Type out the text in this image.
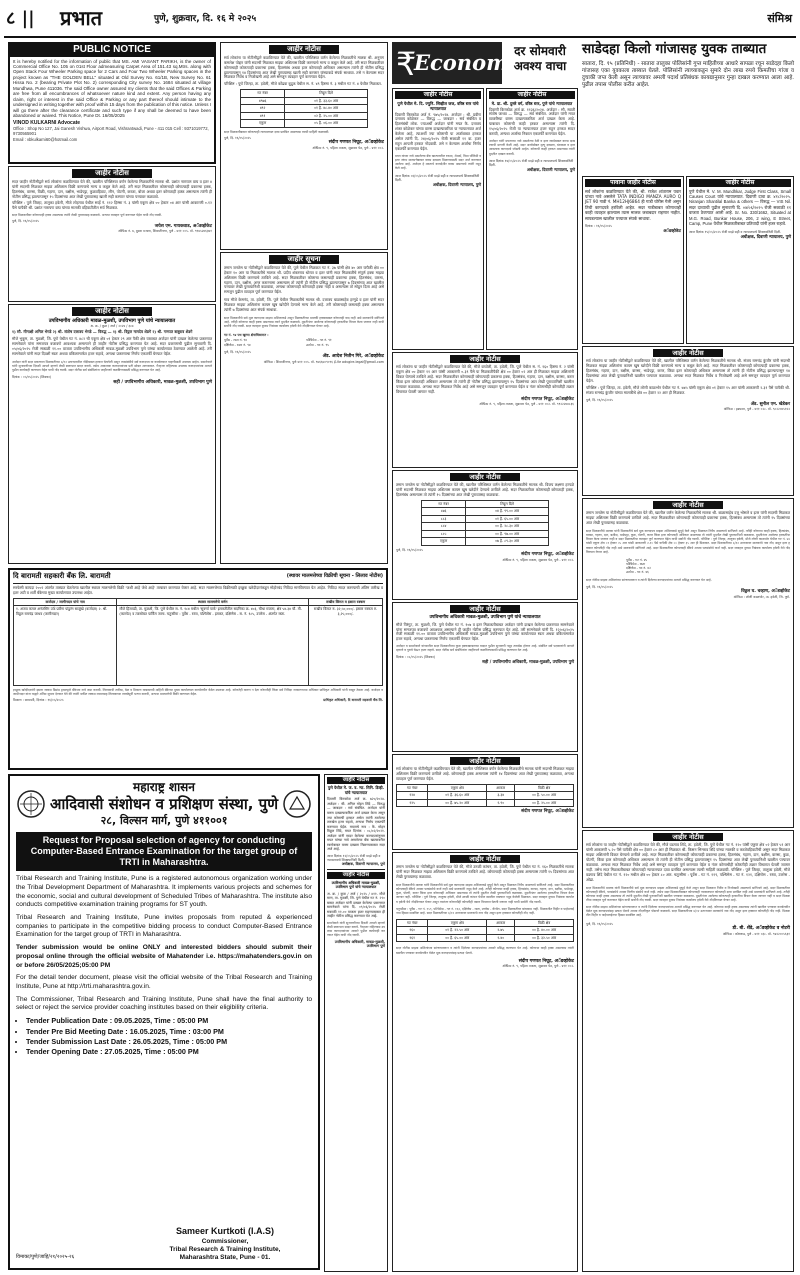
८ || प्रभात	पुणे, शुक्रवार, दि. १६ मे २०२५	संमिश्र
PUBLIC NOTICE
It is hereby notified for the information of public that MS. AMI VASANT PARIKH, is the owner of Commercial Office No. 105 on 01st Floor admeasuring Carpet Area of 151.43 sq.Mtrs. along with Open Stack Four Wheeler Parking space for 2 Cars and Four Two Wheeler Parking spaces in the project known as "THE GOLDEN BELL" situated at Old Survey No. 61/1B, New Survey No. 61 Hissa No. 2 (bearing Private Plot No. 2) corresponding City survey No. 1684 situated at village Mundhwa, Pune 411036. The said Office owner assured my clients that the said Offices & Parking are free from all encumbrances of whatsoever nature kind and extent. Any person having any claim, right or interest in the said Office & Parking or any part thereof should intimate to the undersigned in writing together with proof within 15 days from the publication of this notice. Unless I will go there after the clearance certificate and such type if any shall be deemed to have been abandoned or waived. This Notice, Pune Dt. 16/05/2025
VINOD KULKARNI Advocate
Office : Shop No 127, Jai Ganesh Vishwa, Airport Road, Vishrantwadi, Pune - 411 015 Cell : 9371019772, 9730565901
Email : vbkulkarni60@hotmail.com
जाहीर नोटीस
सदर जाहीर नोटीसीद्वारे सर्व लोकांना कळविण्यात येते की, खालील परिशिष्टात वर्णन केलेल्या मिळकतीचे मालक श्री. प्रशांत नारायण वाघ व इतर ४ यांनी सदरची मिळकत माझ्या अशिलास विक्री करण्याचे मान्य व कबूल केले आहे. तरी सदर मिळकतीवर कोणाचाही कोणत्याही प्रकारचा हक्क, हितसंबंध, वारसा, विक्री, गहाण, दान, बक्षीस, भाडेपट्टा, कुळवहिवाट, लीन, पोटगी, कब्जा, बोजा अथवा इतर कोणताही हक्क असल्यास त्यांनी ही नोटीस प्रसिद्ध झाल्यापासून १५ दिवसांच्या आत लेखी पुराव्यासह खाली सही करणार यांच्या पत्त्यावर कळवावे.
परिशिष्ट : पुणे जिल्हा, तालुका हवेली, मौजे लोहगाव येथील सर्व्हे नं. ११२ हिस्सा नं. ३ यांसी एकूण क्षेत्र ०० हेक्टर ०४ आर यांसी आकारणी ०.१२ पैसे यापैकी श्री. प्रशांत नारायण वाघ यांच्या मालकी वहिवाटीतील सर्व मिळकत.
सदर मिळकतीवर कोणाचाही हक्क असल्यास त्यांनी लेखी पुराव्यासह कळवावे. अन्यथा व्यवहार पूर्ण करण्यात येईल याची नोंद घ्यावी.
पुणे, दि. १६/०५/२०२५
जयेश एम. गायकवाड, अॅडव्होकेट
ऑफिस नं. ७, दुसरा मजला, शिवाजीनगर, पुणे - ४११ ००५. मो. ९९७५२४६३४१
जाहीर नोटीस
उपविभागीय अधिकारी मावळ-मुळशी, उपविभाग पुणे यांचे न्यायालयात
अ. क्र. / कुळ / अर्ज / २०२४ / ३८७
१) सौ. मीनाक्षी अनिल भेगडे २) श्री. संतोष दत्तात्रय भेगडे — विरुद्ध — १) श्री. विठ्ठल नामदेव शेडगे २) श्री. गणपत बाबुराव शेडगे
मौजे भुकूम, ता. मुळशी, जि. पुणे येथील गट नं. ४८२ ची एकूण क्षेत्र ०१ हेक्टर २९ आर पैकी क्षेत्र याबाबत अर्जदार यांनी दाखल केलेल्या प्रकरणात सामनेवाले यांना समजपत्र बजावणे आवश्यक असल्याने ही जाहीर नोटीस प्रसिद्ध करण्यात येत आहे. सदर प्रकरणाची पुढील सुनावणी दि. ०५/०६/२०२५ रोजी सकाळी ११.०० वाजता उपविभागीय अधिकारी मावळ-मुळशी उपविभाग पुणे यांच्या कार्यालयात ठेवण्यात आलेली आहे. तरी सामनेवाले यांनी सदर दिवशी स्वतः अथवा वकिलामार्फत हजर राहावे, अन्यथा प्रकरणाचा निर्णय एकतर्फी घेण्यात येईल.
अर्जदार यांनी सदर प्रकरणात मिळकतीच्या ७/१२ उताऱ्यावरील नोंदीबाबत हरकत घेतलेली असून त्यासंबंधीचे सर्व कागदपत्र या कार्यालयात पाहणीसाठी उपलब्ध आहेत. सामनेवाले यांनी सुनावणीच्या दिवशी आपले म्हणणे लेखी स्वरूपात सादर करावे. तसेच आवश्यक कागदपत्रांच्या प्रती सोबत आणाव्यात. गैरहजर राहिल्यास उपलब्ध कागदपत्रांच्या आधारे पुढील कार्यवाही करण्यात येईल याची नोंद घ्यावी. सदर नोटीस सर्व संबंधितांना जाहीरपणे कळविण्यासाठी प्रसिद्ध करण्यात येत आहे.
दिनांक : ०५/०५/२०२५ (शिक्का)
सही / उपविभागीय अधिकारी, मावळ-मुळशी, उपविभाग पुणे
जाहीर नोटीस
सर्व लोकांना या नोटीसीद्वारे कळविण्यात येते की, खालील परिशिष्टात वर्णन केलेल्या मिळकतीचे मालक श्री. अनुराग कमलेश पोद्दार यांनी सदरची मिळकत माझ्या अशिलास विक्री करण्याचे मान्य व कबूल केले आहे. तरी सदर मिळकतीवर कोणाचाही कोणत्याही प्रकारचा हक्क, हितसंबंध अथवा इतर कोणताही अधिकार असल्यास त्यांनी ही नोटीस प्रसिद्ध झाल्यापासून १४ दिवसांच्या आत लेखी पुराव्यासह खाली सही करणार यांच्याकडे संपर्क साधावा. तसे न केल्यास सदर मिळकत निर्वेध व निजोखमी आहे असे समजून व्यवहार पूर्ण करण्यात येईल.
परिशिष्ट : पुणे जिल्हा, ता. हवेली, मौजे कोंढवा बुद्रुक येथील स. नं. ४९ हिस्सा नं. ३ मधील गट नं. ४ येथील मिळकत.
गट नंबर	लिहून दिले
४९७६	०१ है. ३३.६० आर
४९२	०१ है. ४८.४० आर
४९१	०२ है. २५.०० आर
एकूण	०५ है. ०६.०० आर
सदर मिळकतीबाबत कोणत्याही न्यायालयात दावा प्रलंबित असल्यास त्याची माहिती कळवावी.
पुणे, दि. १६/०५/२०२५
संदीप गणपत निघूट, अॅडव्होकेट
ऑफिस नं. ९, पहिला मजला, शुक्रवार पेठ, पुणे - ४११ ००२.
जाहीर सूचना
तमाम जनतेस या नोटीसीद्वारे कळविण्यात येते की, पुणे येथील मिळकत गट नं. ३७ यांसी क्षेत्र ४० आर यापैकी क्षेत्र ०० हेक्टर १० आर या मिळकतीचे मालक श्री. प्रदीप शंकरराव थोरात व इतर यांनी सदर मिळकतीचे संपूर्ण हक्क माझ्या अशिलास विक्री करण्याचे ठरविले आहे. सदर मिळकतीवर कोणाचा कसल्याही प्रकारचा हक्क, हितसंबंध, वारसा, गहाण, दान, बक्षीस, अगर करारनामा असल्यास तो त्यांनी ही नोटीस प्रसिद्ध झाल्यापासून ७ दिवसांच्या आत खालील पत्त्यावर लेखी पुराव्यानिशी कळवावा, अन्यथा कोणाचाही कोणताही हक्क नाही व असल्यास तो सोडून दिला आहे असे समजून पुढील व्यवहार पूर्ण करण्यात येईल.
गाव मौजे केसनंद, ता. हवेली, जि. पुणे येथील मिळकतीचे मालक श्री. दत्तात्रय बाळासाहेब हरगुडे व इतर यांनी सदर मिळकत माझ्या अशिलांना कायम खुष खरेदीने देण्याचे मान्य केले आहे. तरी कोणाचाही कसलाही हक्क असल्यास त्यांनी ७ दिवसांच्या आत संपर्क साधावा.
सदर मिळकतीचे सर्व मूळ कागदपत्र माझ्या अशिलाकडे असून मिळकतीच्या मालकी हक्काबाबत कोणताही वाद नाही असे मालकांनी सांगितले आहे. तरीही कोणाचा काही हक्क असल्यास त्याने मुदतीत कळवावे. मुदतीनंतर आलेल्या कोणत्याही हरकतींचा विचार केला जाणार नाही याची सर्वांनी नोंद घ्यावी. सदर व्यवहार दुय्यम निबंधक कार्यालय हवेली येथे नोंदविण्यात येणार आहे.
गट नं. ९४ पथ खुल्या क्षेत्राधिकारात :
पूर्वेस - रस्ता नं. ९४	पश्चिमेस - गट नं. ९१
दक्षिणेस - रस्ता नं. ९४	उत्तरेस - गट नं. ९५
पुणे, दि. १६/०५/२०२५
ॲड. आदेश नितीन गिरे, अॅडव्होकेट
ऑफिस : शिवाजीनगर, पुणे ४११ ००५. मो. ९७६६७०९०९६ ई-मेल advgire.legal@gmail.com
दि बारामती सहकारी बँक लि. बारामती	(स्थावर मालमत्तेच्या विक्रीची सूचना - लिलाव नोटीस)
सरफेसी कायदा २००२ अंतर्गत ताब्यात घेतलेल्या खालील स्थावर मालमत्तेची विक्री 'जशी आहे जेथे आहे' तत्त्वावर करण्यात येणार आहे. सदर मालमत्तेच्या विक्रीसाठी इच्छुक खरेदीदारांकडून मोहोरबंद निविदा मागविण्यात येत आहेत. निविदा सादर करण्याची अंतिम तारीख व इतर अटी व शर्ती बँकेच्या मुख्य कार्यालयात उपलब्ध आहेत.
कर्जदार / जामीनदार यांचे नाव	स्थावर मालमत्तेचे वर्णन	राखीव किंमत व इसारा रक्कम
१. अजय कमल अनंतसिंग उर्फ प्रवीण पांडुरंग साळुंखे (कर्जदार) २. श्री. विठ्ठल रामचंद्र जाधव (जामीनदार)	मौजे हिंजवडी, ता. मुळशी, जि. पुणे येथील स. नं. १८४ मधील 'सुवर्णा पार्क' इमारतीतील सदनिका क्र. ४०३, चौथा मजला, क्षेत्र ५४.३४ चौ. मी. (कारपेट) व त्यासोबत पार्किंग जागा. चतुःसीमा : पूर्वेस - रस्ता, पश्चिमेस - इमारत, दक्षिणेस - स. नं. १८५, उत्तरेस - अंतर्गत रस्ता.	राखीव किंमत रु. ३२,५०,०००/- इसारा रक्कम रु. ३,२५,०००/-
इच्छुक खरेदीदारांनी इसारा रक्कम डिमांड ड्राफ्टद्वारे बँकेच्या नावे जमा करावी. लिलावाची तारीख, वेळ व ठिकाण याबाबतची माहिती बँकेच्या मुख्य कार्यालयात कार्यालयीन वेळेत उपलब्ध आहे. कोणतेही कारण न देता कोणतीही किंवा सर्व निविदा नाकारण्याचा अधिकार प्राधिकृत अधिकारी यांनी राखून ठेवला आहे. कर्जदार व जामीनदार यांना याद्वारे अंतिम सूचना देण्यात येते की त्यांनी थकीत रक्कम व्याजासह लिलावाच्या तारखेपूर्वी भरणा करावी, अन्यथा मालमत्तेची विक्री करण्यात येईल.
ठिकाण : बारामती, दिनांक : १६/०५/२०२५	प्राधिकृत अधिकारी, दि बारामती सहकारी बँक लि.
महाराष्ट्र शासन
आदिवासी संशोधन व प्रशिक्षण संस्था, पुणे
२८, विल्सन मार्ग, पुणे ४११००१
Request for Proposal selection of agency for conducting Computer-Based Entrance Examination for the target group of TRTI in Maharashtra.
Tribal Research and Training Institute, Pune is a registered autonomous organization working under the Tribal Development Department of Maharashtra. It implements various projects and schemes for the economic, social and cultural development of Scheduled Tribes of Maharashtra. The institute also conducts competitive examination training programs for ST youth.
Tribal Research and Training Institute, Pune invites proposals from reputed & experienced companies to participate in the competitive bidding process to conduct Computer-Based Entrance Examination for the target group of TRTI in Maharashtra.
Tender submission would be online ONLY and interested bidders should submit their proposal online through the official website of Mahatender i.e. https://mahatenders.gov.in on or before 26/05/2025;05:00 PM
For the detail tender document, please visit the official website of the Tribal Research and Training Institute, Pune at http://trti.maharashtra.gov.in.
The Commissioner, Tribal Research and Training Institute, Pune shall have the final authority to select or reject the service provider coaching institutes based on their eligibility criteria.
• Tender Publication Date : 09.05.2025, Time : 05:00 PM
• Tender Pre Bid Meeting Date : 16.05.2025, Time : 03:00 PM
• Tender Submission Last Date : 26.05.2025, Time : 05:00 PM
• Tender Opening Date : 27.05.2025, Time : 05:00 PM
विमाका/पुणे/जाहि/२१/२०२५-२६
Sameer Kurtkoti (I.A.S)
Commissioner,
Tribal Research & Training Institute,
Maharashtra State, Pune - 01.
जाहीर नोटीस
पुणे येथील मे. ज. व. न्या. सिनि. डिव्ही. यांचे न्यायालयात
दिवाणी किरकोळ अर्ज क्र. ७२०/२०२४. अर्जदार : श्री. अनिल मोहन शिंदे — विरुद्ध — जाबदार : सर्व संबंधित. अर्जदार यांनी वारस दाखल्याकरिता अर्ज दाखल केला असून ज्या कोणाची हरकत असेल त्यांनी ठरलेल्या तारखेस हजर राहावे, अन्यथा निर्णय एकतर्फी करण्यात येईल. मयताचे नाव : कै. मोहन विठ्ठल शिंदे, मयत दिनांक : ०८/०२/२०२१. अर्जदार यांनी सादर केलेल्या कागदपत्रांनुसार मयत यांच्या नावे असलेल्या बँक खात्यावरील रकमेबाबत वारस दाखला मिळण्याबाबत सदर अर्ज आहे.
आज दिनांक १२/०५/२०२५ रोजी माझे सही व न्यायालयाचे शिक्क्यानिशी दिली.
अधीक्षक, दिवाणी न्यायालय, पुणे
जाहीर नोटीस
उपविभागीय अधिकारी मावळ-मुळशी, उपविभाग पुणे यांचे न्यायालयात
अ. क्र. / कुळ / अर्ज / २०२५ / ४११. मौजे माण, ता. मुळशी, जि. पुणे येथील गट नं. २९० बाबत अर्जदार यांनी दाखल केलेल्या प्रकरणात सामनेवाले यांना दि. ०९/०६/२०२५ रोजी सकाळी ११.०० वाजता हजर राहण्याबाबत ही जाहीर नोटीस प्रसिद्ध करण्यात येत आहे.
सामनेवाले यांनी सुनावणीच्या दिवशी आपले म्हणणे लेखी स्वरूपात सादर करावे. गैरहजर राहिल्यास उपलब्ध कागदपत्रांच्या आधारे पुढील कार्यवाही करण्यात येईल याची नोंद घ्यावी.
उपविभागीय अधिकारी, मावळ-मुळशी, उपविभाग पुणे
₹
Economy
दर सोमवारी
अवश्य वाचा
जाहीर नोटीस
पुणे येथील मे. दि. ज्युनि. सिव्हील जज, वरिष्ठ स्तर यांचे न्यायालयात
दिवाणी किरकोळ अर्ज नं. ९७५/२०२४. अर्जदार : श्री. प्रवीण दत्तात्रय कोळेकर — विरुद्ध — जाबदार : सर्व संबंधित व हितसंबंधी लोक. ज्याअर्थी अर्जदार यांनी मयत कै. दत्तात्रय शंकर कोळेकर यांच्या वारस दाखल्याकरिता या न्यायालयात अर्ज केलेला आहे, त्याअर्थी ज्या कोणाची या अर्जाबाबत हरकत असेल त्यांनी दि. २४/०६/२०२५ रोजी सकाळी ११ वा. हजर राहून आपली हरकत नोंदवावी. तसे न केल्यास अर्जाचा निर्णय एकतर्फी करण्यात येईल.
मयत यांच्या नावे असलेल्या बँक खात्यावरील रकमा, शेअर्स, विमा पॉलिसी व इतर जंगम मालमत्तेबाबत वारस दाखला मिळण्यासाठी सदर अर्ज करण्यात आलेला आहे. अर्जदार हे मयताचे कायदेशीर वारस असल्याचे त्यांनी नमूद केले आहे.
आज दिनांक ०६/०५/२०२५ रोजी माझे सही व न्यायालयाचे शिक्क्यानिशी दिली.
अधीक्षक, दिवाणी न्यायालय, पुणे
जाहीर नोटीस
मे. प्रा. श्री. दुसरे वर्ग, वरिष्ठ स्तर, पुणे यांचे न्यायालयात
दिवाणी किरकोळ अर्ज क्र. ११३६/२०२४. अर्जदार : सौ. स्वाती संतोष जाधव — विरुद्ध — सर्व संबंधित. अर्जदार यांनी मयत व्यक्तीच्या वारस दाखल्याकरिता अर्ज दाखल केला आहे. याबाबत कोणाची काही हरकत असल्यास त्यांनी दि. १५/०६/२०२५ रोजी या न्यायालयात हजर राहून हरकत सादर करावी, अन्यथा अर्जाचा निकाल एकतर्फी करण्यात येईल.
अर्जदार यांनी मयताच्या नावे असलेल्या ठेवी व इतर रकमेबाबत वारस दाखल्याची मागणी केली आहे. सदर अर्जासोबत मृत्यू दाखला, वंशावळ व इतर आवश्यक कागदपत्रे जोडली आहेत. कोणाची काही हरकत असल्यास त्यांनी मुदतीत दाखल करावी.
आज दिनांक १४/०५/२०२५ रोजी माझे सही व न्यायालयाचे शिक्क्यानिशी दिली.
अधीक्षक, दिवाणी न्यायालय, पुणे
जाहीर नोटीस
सर्व लोकांना या जाहीर नोटीसीद्वारे कळविण्यात येते की, मौजे वाघोली, ता. हवेली, जि. पुणे येथील स. नं. १६० हिस्सा नं. २ यांसी एकूण क्षेत्र ०० हेक्टर ११ आर यांसी आकारणी ०.३९ पैसे या मिळकतीपैकी क्षेत्र ०० हेक्टर ०२ आर ही मिळकत माझ्या अशिलांनी विकत घेण्याचे ठरविले आहे. सदर मिळकतीवर कोणाचाही कोणत्याही प्रकारचा हक्क, हितसंबंध, गहाण, दान, बक्षीस, वारसा, करार किंवा इतर कोणताही अधिकार असल्यास तो त्यांनी ही नोटीस प्रसिद्ध झाल्यापासून १५ दिवसांच्या आत लेखी पुराव्यानिशी खालील पत्त्यावर कळवावा. अन्यथा सदर मिळकत निर्वेध आहे असे समजून व्यवहार पूर्ण करण्यात येईल व नंतर कोणाचीही कोणतीही तक्रार विचारात घेतली जाणार नाही.
संदीप गणपत निघूट, अॅडव्होकेट
ऑफिस नं. ९, पहिला मजला, शुक्रवार पेठ, पुणे - ४११ ००२. मो. ९९२२२४४८३६
जाहीर नोटीस
तमाम जनतेस या नोटीसीद्वारे कळविण्यात येते की, खालील परिशिष्टात वर्णन केलेल्या मिळकतीचे मालक श्री. विजय लक्ष्मण हरपळे यांनी सदरची मिळकत माझ्या अशिलास कायम खुष खरेदीने देण्याचे ठरविले आहे. सदर मिळकतीवर कोणाचाही कोणताही हक्क, हितसंबंध असल्यास तो त्यांनी १५ दिवसांच्या आत लेखी पुराव्यासह कळवावा.
गट नंबर	लिहून दिले
८७६	०४ है. ९९.०० आर
८८३	०१ है. ६५.०० आर
८८४	०० है. २८.३० आर
८८५	०० है. ९७.०० आर
एकूण	०७ है. ८९.३० आर
पुणे, दि. १६/०५/२०२५
संदीप गणपत निघूट, अॅडव्होकेट
ऑफिस नं. ९, पहिला मजला, शुक्रवार पेठ, पुणे - ४११ ००२.
जाहीर नोटीस
उपविभागीय अधिकारी मावळ-मुळशी, उपविभाग पुणे यांचे न्यायालयात
मौजे पिरंगुट, ता. मुळशी, जि. पुणे येथील गट नं. १०७ व इतर मिळकतीबाबत अर्जदार यांनी दाखल केलेल्या प्रकरणात सामनेवाले यांना समजपत्र बजावणे आवश्यक असल्याने ही जाहीर नोटीस प्रसिद्ध करण्यात येत आहे. तरी सामनेवाले यांनी दि. १२/०६/२०२५ रोजी सकाळी ११.०० वाजता उपविभागीय अधिकारी मावळ-मुळशी उपविभाग पुणे यांच्या कार्यालयात स्वतः अथवा वकिलामार्फत हजर राहावे, अन्यथा प्रकरणाचा निर्णय एकतर्फी घेण्यात येईल.
अर्जदार व सामनेवाले यांच्यातील सदर मिळकतीच्या कुळ हक्काबाबतच्या वादात पुढील सुनावणी नमूद तारखेस होणार आहे. संबंधित सर्व पक्षकारांनी आपले म्हणणे व पुरावे घेऊन हजर राहावे. सदर नोटीस सर्व संबंधितांना जाहीरपणे कळविण्यासाठी प्रसिद्ध करण्यात येत आहे.
दिनांक : ०८/०५/२०२५ (शिक्का)
सही / उपविभागीय अधिकारी, मावळ-मुळशी, उपविभाग पुणे
जाहीर नोटीस
सर्व लोकांना या नोटीसीद्वारे कळविण्यात येते की, खालील परिशिष्टात वर्णन केलेल्या मिळकतीचे मालक यांनी सदरची मिळकत माझ्या अशिलास विक्री करण्याचे ठरविले आहे. कोणाचाही हक्क असल्यास त्यांनी १४ दिवसांच्या आत लेखी पुराव्यासह कळवावा, अन्यथा व्यवहार पूर्ण करण्यात येईल.
गट नंबर	एकूण क्षेत्र	आकार	विक्री क्षेत्र
१२४	०१ है. ३६.६० आर	३.३४	०० है. ५०.०० आर
१२५	०० है. ७५.२० आर	१.९०	०० है. २५.०० आर
संदीप गणपत निघूट, अॅडव्होकेट
जाहीर नोटीस
तमाम जनतेस या नोटीसीद्वारे कळविण्यात येते की, मौजे उरुळी कांचन, ता. हवेली, जि. पुणे येथील गट नं. १६० मिळकतीचे मालक यांनी सदर मिळकत माझ्या अशिलास विक्री करण्याचे ठरविले आहे. कोणाचाही कोणताही हक्क असल्यास त्यांनी १५ दिवसांच्या आत लेखी पुराव्यासह कळवावा.
सदर मिळकतीचे मालक यांनी मिळकतीचे सर्व मूळ कागदपत्र माझ्या अशिलाकडे सुपूर्द केले असून मिळकत निर्वेध असल्याचे सांगितले आहे. सदर मिळकतीवर कोणत्याही बँकेचे अथवा पतसंस्थेचे कर्ज नाही असे मालकांनी नमूद केले आहे. तरीही कोणाचा काही हक्क, हितसंबंध, वारसा, गहाण, दान, बक्षीस, भाडेपट्टा, कुळ, पोटगी, करार किंवा इतर कोणताही अधिकार असल्यास तो त्यांनी मुदतीत लेखी पुराव्यानिशी कळवावा. मुदतीनंतर आलेल्या हरकतींचा विचार केला जाणार नाही. परिशिष्ट : पुणे जिल्हा, तालुका हवेली, मौजे उरुळी कांचन येथील खालील तक्त्यात नमूद केलेली मिळकत. सदर व्यवहार दुय्यम निबंधक कार्यालय हवेली येथे नोंदविण्यात येणार असून त्यानंतर कोणाचीही कोणतीही तक्रार विचारात घेतली जाणार नाही याची सर्वांनी नोंद घ्यावी.
चतुःसीमा : पूर्वेस - गट नं. १५९, पश्चिमेस - गट नं. १६२, दक्षिणेस - रस्ता, उत्तरेस - कॅनॉल. सदर मिळकतीवर बांधकाम नाही. मिळकतीत विहीर व पाईपलाईनचा हिस्सा समाविष्ट आहे. सदर मिळकतीच्या ७/१२ उताऱ्यावर मालकांचे नाव नोंद असून इतर हक्कात कोणतीही नोंद नाही.
गट नंबर	एकूण क्षेत्र	आकार	विक्री क्षेत्र
१६०	०१ है. २२.५० आर	२.७५	०० है. ४०.०० आर
१६१	०० है. ६५.०० आर	१.४०	०० है. ३२.५० आर
सदर नोटीस माझ्या अशिलांच्या सांगण्यावरून व त्यांनी दिलेल्या कागदपत्रांच्या आधारे प्रसिद्ध करण्यात येत आहे. कोणाचा काही हक्क असल्यास त्यांनी खालील पत्त्यावर कार्यालयीन वेळेत मूळ कागदपत्रांसह प्रत्यक्ष भेटावे.
संदीप गणपत निघूट, अॅडव्होकेट
ऑफिस नं. ९, पहिला मजला, शुक्रवार पेठ, पुणे - ४११ ००२.
साडेदहा किलो गांजासह युवक ताब्यात
सातारा, दि. १५ (प्रतिनिधी) - सातारा तालुका पोलिसांनी गुप्त माहितीच्या आधारे सापळा रचून साडेदहा किलो गांजासह एका युवकाला ताब्यात घेतले. पोलिसांनी त्याच्याकडून सुमारे दोन लाख रुपये किमतीचा गांजा व दुचाकी जप्त केली असून त्याच्यावर अमली पदार्थ प्रतिबंधक कायद्यानुसार गुन्हा दाखल करण्यात आला आहे. पुढील तपास पोलीस करीत आहेत.
पावाना जाहीर नोटीस
सर्व लोकांना कळविण्यात येते की, श्री. राजेश शांताराम पवार यांच्या नावे असलेले TATA INDIGO MANZA AURO Q JET 90 गाडी नं. MH12HJ6864 ही गाडी चोरीस गेली असून तिची कागदपत्रे हरविली आहेत. सदर गाडीबाबत कोणाचाही काही व्यवहार झाल्यास त्यास मालक जबाबदार राहणार नाहीत. सापडल्यास खालील पत्त्यावर संपर्क साधावा.
दिनांक : १६/०५/२०२५
अॅडव्होकेट
जाहीर नोटीस
पुणे येथील मे. V. M. Mundhkar, Judge First Class, Small Causes Court यांचे न्यायालयात. दिवाणी दावा क्र. ४१८/२०२५. Niranjan Shantilal Banka & others — विरुद्ध — VIS Nil. सदर दाव्याची पुढील सुनावणी दि. ०४/०६/२०२५ रोजी सकाळी ११ वाजता ठेवण्यात आली आहे. Sr. No. 330/1662, Situated at M.G. Road, Bunkar House, 206, 2 wing, E Street, Camp, Pune येथील मिळकतीबाबत प्रतिवादी यांनी हजर राहावे.
आज दिनांक १५/०५/२०२५ रोजी माझे सही व न्यायालयाचे शिक्क्यानिशी दिली.
अधीक्षक, दिवाणी न्यायालय, पुणे
जाहीर नोटीस
सर्व लोकांना या जाहीर नोटीसीद्वारे कळविण्यात येते की, खालील परिशिष्टात वर्णन केलेल्या मिळकतीचे मालक श्री. संजय रामचंद्र कुंजीर यांनी सदरची मिळकत माझ्या अशिलांना कायम खुष खरेदीने विक्री करण्याचे मान्य व कबूल केले आहे. सदर मिळकतीवर कोणाचाही कोणत्याही प्रकारचा हक्क, हितसंबंध, गहाण, दान, बक्षीस, वारसा, भाडेपट्टा, करार, किंवा इतर कोणताही अधिकार असल्यास तो त्यांनी ही नोटीस प्रसिद्ध झाल्यापासून १४ दिवसांच्या आत लेखी पुराव्यानिशी खालील पत्त्यावर कळवावा. अन्यथा सदर मिळकत निर्वेध व निजोखमी आहे असे समजून व्यवहार पूर्ण करण्यात येईल.
परिशिष्ट : पुणे जिल्हा, ता. हवेली, मौजे लोणी काळभोर येथील गट नं. ७४५ यांसी एकूण क्षेत्र ०१ हेक्टर १५ आर यांसी आकारणी २.३१ पैसे यापैकी श्री. संजय रामचंद्र कुंजीर यांच्या मालकीचे क्षेत्र ०० हेक्टर २२ आर ही मिळकत.
पुणे, दि. १६/०५/२०२५
ॲड. सुनील एम. खेडेकर
ऑफिस : हडपसर, पुणे - ४११ ०२८. मो. ९८२२०४५१२२
जाहीर नोटीस
तमाम जनतेस या नोटीसीद्वारे कळविण्यात येते की, खालील वर्णन केलेल्या मिळकतीचे मालक श्री. बाळासाहेब दत्तू भोसले व इतर यांनी सदरची मिळकत माझ्या अशिलास विक्री करण्याचे ठरविले आहे. सदर मिळकतीवर कोणाचाही कोणत्याही प्रकारचा हक्क, हितसंबंध असल्यास तो त्यांनी १५ दिवसांच्या आत लेखी पुराव्यासह कळवावा.
सदर मिळकतीचे मालक यांनी मिळकतीचे सर्व मूळ कागदपत्र माझ्या अशिलाकडे सुपूर्द केले असून मिळकत निर्वेध असल्याचे सांगितले आहे. तरीही कोणाचा काही हक्क, हितसंबंध, वारसा, गहाण, दान, बक्षीस, भाडेपट्टा, कुळ, पोटगी, करार किंवा इतर कोणताही अधिकार असल्यास तो त्यांनी मुदतीत लेखी पुराव्यानिशी कळवावा. मुदतीनंतर आलेल्या हरकतींचा विचार केला जाणार नाही व सदर मिळकतीचा व्यवहार पूर्ण करण्यात येईल याची सर्वांनी नोंद घ्यावी. परिशिष्ट : पुणे जिल्हा, तालुका हवेली, मौजे लोणी काळभोर येथील गट नं. ४४ यांसी एकूण क्षेत्र ०१ हेक्टर ०५ आर यांसी आकारणी २.१० पैसे यापैकी क्षेत्र ०० हेक्टर ३५ आर ही मिळकत. सदर मिळकतीच्या ७/१२ उताऱ्यावर मालकांचे नाव नोंद असून इतर हक्कात कोणतीही नोंद नाही असे मालकांनी सांगितले आहे. सदर मिळकतीवर कोणत्याही बँकेचे अथवा पतसंस्थेचे कर्ज नाही. सदर व्यवहार दुय्यम निबंधक कार्यालय हवेली येथे नोंदविण्यात येणार आहे.
पूर्वेस - गट नं. ४५
पश्चिमेस - रस्ता
दक्षिणेस - गट नं. ४२
उत्तरेस - गट नं. ४६
सदर नोटीस माझ्या अशिलांच्या सांगण्यावरून व त्यांनी दिलेल्या कागदपत्रांच्या आधारे प्रसिद्ध करण्यात येत आहे.
पुणे, दि. १६/०५/२०२५
विठ्ठल घ. चव्हाण, अॅडव्होकेट
ऑफिस : लोणी काळभोर, ता. हवेली, जि. पुणे.
जाहीर नोटीस
सर्व लोकांना या जाहीर नोटीसीद्वारे कळविण्यात येते की, मौजे वडगाव शिंदे, ता. हवेली, जि. पुणे येथील गट नं. १२० यांसी एकूण क्षेत्र ०२ हेक्टर ५१ आर यांसी आकारणी ५.२० पैसे यापैकी क्षेत्र ०० हेक्टर ८० आर ही मिळकत श्री. किसन भिमराव शिंदे यांच्या मालकी व कब्जेवहिवाटीची असून सदर मिळकत माझ्या अशिलांनी विकत घेण्याचे ठरविले आहे. सदर मिळकतीवर कोणाचाही कोणत्याही प्रकारचा हक्क, हितसंबंध, गहाण, दान, बक्षीस, वारसा, कुळ, पोटगी, किंवा इतर कोणताही अधिकार असल्यास तो त्यांनी ही नोटीस प्रसिद्ध झाल्यापासून १५ दिवसांच्या आत लेखी पुराव्यानिशी खालील पत्त्यावर कळवावा. अन्यथा सदर मिळकत निर्वेध आहे असे समजून व्यवहार पूर्ण करण्यात येईल व नंतर कोणाचीही कोणतीही तक्रार विचारात घेतली जाणार नाही. तसेच सदर मिळकतीबाबत कोणत्याही न्यायालयात दावा प्रलंबित असल्यास त्याची माहिती कळवावी. परिशिष्ट : पुणे जिल्हा, तालुका हवेली, मौजे वडगाव शिंदे येथील गट नं. १२० मधील क्षेत्र ०० हेक्टर ८० आर. चतुःसीमा : पूर्वेस - गट नं. ११९, पश्चिमेस - गट नं. १२१, दक्षिणेस - रस्ता, उत्तरेस - ओढा.
सदर मिळकतीचे मालक यांनी मिळकतीचे सर्व मूळ कागदपत्र माझ्या अशिलाकडे सुपूर्द केले असून सदर मिळकत निर्वेध व निजोखमी असल्याचे सांगितले आहे. सदर मिळकतीवर कोणत्याही बँकेचे, पतसंस्थेचे अथवा वित्तीय संस्थेचे कर्ज नाही. तसेच सदर मिळकतीबाबत कोणत्याही न्यायालयात कोणताही दावा प्रलंबित नाही असे मालकांनी सांगितले आहे. तरीही कोणाचा काही हक्क असल्यास तो त्यांनी मुदतीत लेखी पुराव्यानिशी खालील पत्त्यावर कळवावा. मुदतीनंतर आलेल्या कोणत्याही हरकतींचा विचार केला जाणार नाही व सदर मिळकतीचा व्यवहार पूर्ण करण्यात येईल याची सर्वांनी नोंद घ्यावी. सदर व्यवहार दुय्यम निबंधक कार्यालय हवेली येथे नोंदविण्यात येणार आहे.
सदर नोटीस माझ्या अशिलांच्या सांगण्यावरून व त्यांनी दिलेल्या कागदपत्रांच्या आधारे प्रसिद्ध करण्यात येत आहे. कोणाचा काही हक्क असल्यास त्यांनी खालील पत्त्यावर कार्यालयीन वेळेत मूळ कागदपत्रांसह प्रत्यक्ष भेटावे अथवा नोंदणीकृत पोस्टाने कळवावे. सदर मिळकतीच्या ७/१२ उताऱ्यावर मालकांचे नाव नोंद असून इतर हक्कात कोणतीही नोंद नाही. मिळकतीत विहीर व पाईपलाईनचा हिस्सा समाविष्ट आहे.
पुणे, दि. १६/०५/२०२५
डी. बी. शेंडे, अॅडव्होकेट व नोटरी
ऑफिस : कोथरूड, पुणे - ४११ ०३८. मो. ९४२२००५६३१
